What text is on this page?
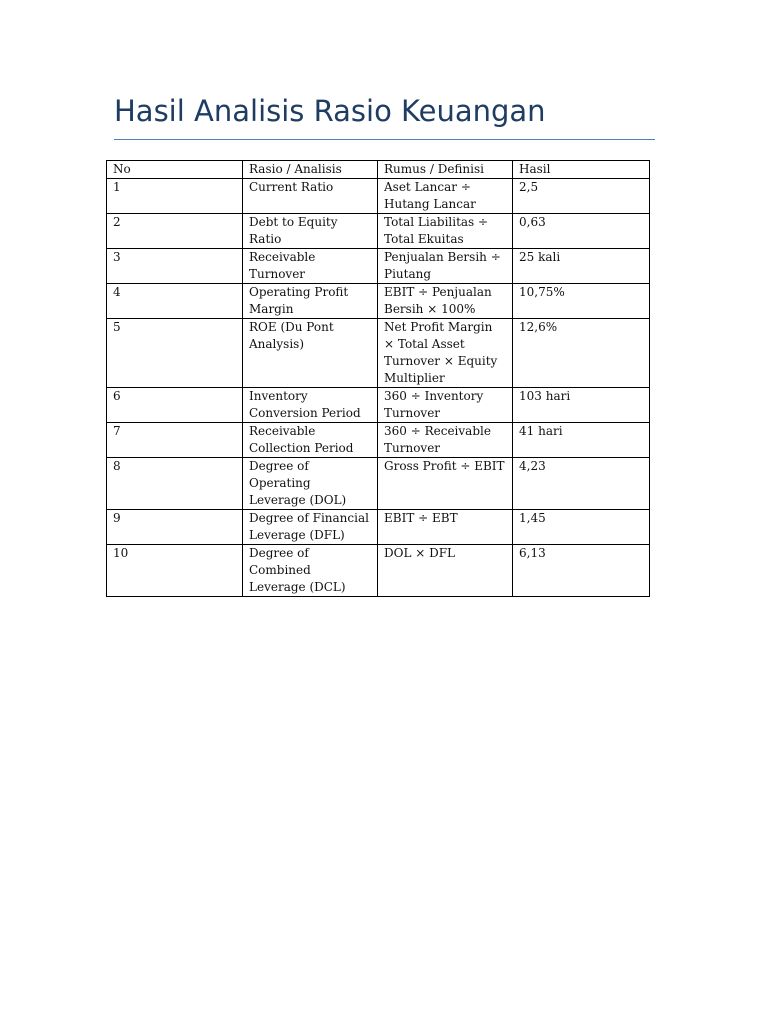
Hasil Analisis Rasio Keuangan
No	Rasio / Analisis	Rumus / Definisi	Hasil
1	Current Ratio	Aset Lancar ÷ Hutang Lancar	2,5
2	Debt to Equity Ratio	Total Liabilitas ÷ Total Ekuitas	0,63
3	Receivable Turnover	Penjualan Bersih ÷ Piutang	25 kali
4	Operating Profit Margin	EBIT ÷ Penjualan Bersih × 100%	10,75%
5	ROE (Du Pont Analysis)	Net Profit Margin × Total Asset Turnover × Equity Multiplier	12,6%
6	Inventory Conversion Period	360 ÷ Inventory Turnover	103 hari
7	Receivable Collection Period	360 ÷ Receivable Turnover	41 hari
8	Degree of Operating Leverage (DOL)	Gross Profit ÷ EBIT	4,23
9	Degree of Financial Leverage (DFL)	EBIT ÷ EBT	1,45
10	Degree of Combined Leverage (DCL)	DOL × DFL	6,13
